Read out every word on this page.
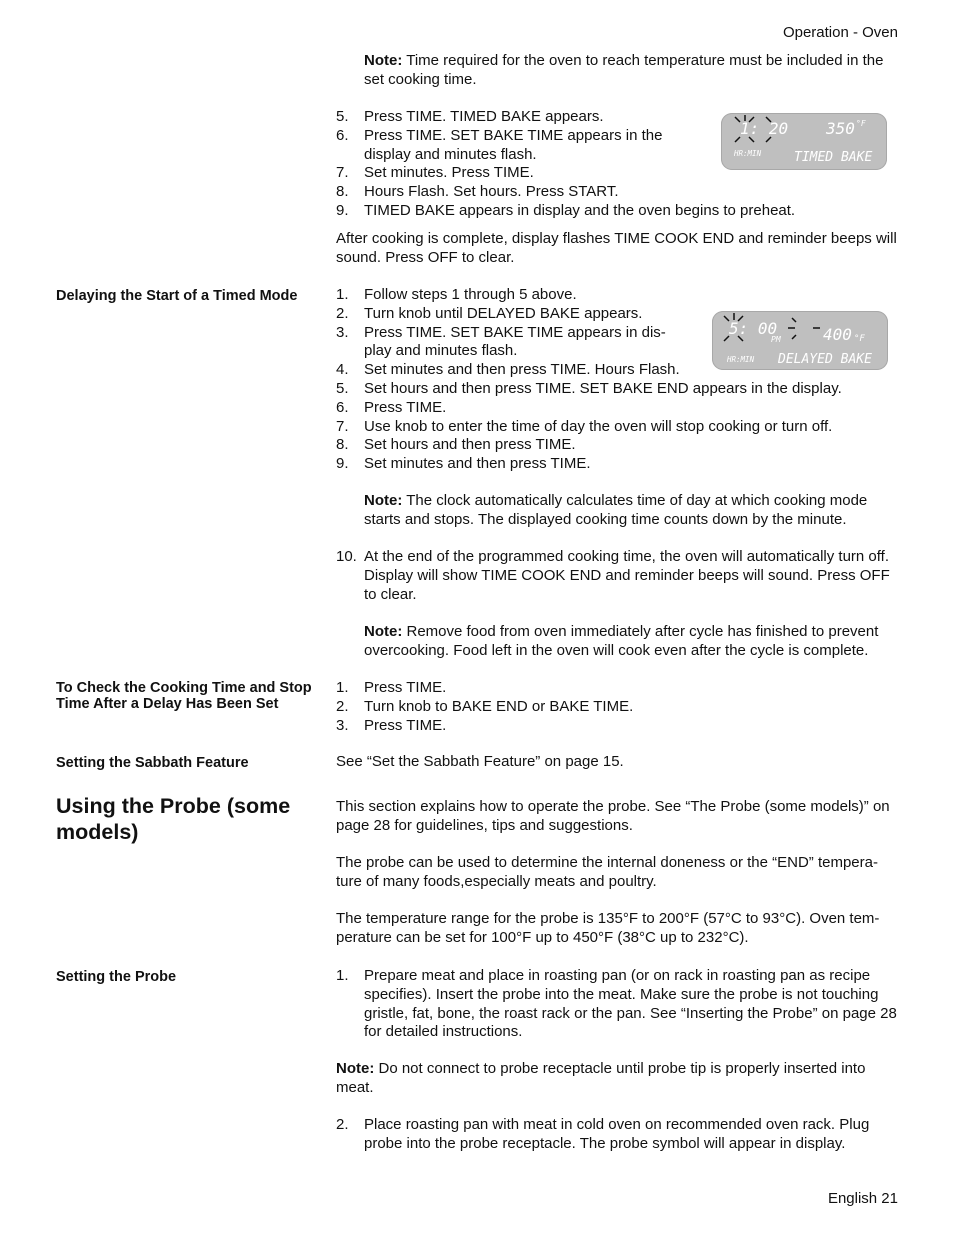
Operation - Oven
English 21

Note: Time required for the oven to reach temperature must be included in the set cooking time.

5. Press TIME. TIMED BAKE appears.
6. Press TIME. SET BAKE TIME appears in the display and minutes flash.
7. Set minutes. Press TIME.
8. Hours Flash. Set hours. Press START.
9. TIMED BAKE appears in display and the oven begins to preheat.
1: 20 350 °F
HR:MIN	TIMED BAKE

After cooking is complete, display flashes TIME COOK END and reminder beeps will sound. Press OFF to clear.

Delaying the Start of a Timed Mode	1. Follow steps 1 through 5 above.
2. Turn knob until DELAYED BAKE appears.
3. Press TIME. SET BAKE TIME appears in dis-play and minutes flash.
4. Set minutes and then press TIME. Hours Flash.
5. Set hours and then press TIME. SET BAKE END appears in the display.
6. Press TIME.
7. Use knob to enter the time of day the oven will stop cooking or turn off.
8. Set hours and then press TIME.
9. Set minutes and then press TIME.
5: 00
PM	400 °F
HR:MIN DELAYED BAKE

Note: The clock automatically calculates time of day at which cooking mode starts and stops. The displayed cooking time counts down by the minute.

10. At the end of the programmed cooking time, the oven will automatically turn off. Display will show TIME COOK END and reminder beeps will sound. Press OFF to clear.

Note: Remove food from oven immediately after cycle has finished to prevent overcooking. Food left in the oven will cook even after the cycle is complete.

To Check the Cooking Time and Stop Time After a Delay Has Been Set
1. Press TIME.
2. Turn knob to BAKE END or BAKE TIME.
3. Press TIME.
Setting the Sabbath Feature	See “Set the Sabbath Feature” on page 15.

Using the Probe (some models)

This section explains how to operate the probe. See “The Probe (some models)” on page 28 for guidelines, tips and suggestions.

The probe can be used to determine the internal doneness or the “END” tempera-ture of many foods,especially meats and poultry.

The temperature range for the probe is 135°F to 200°F (57°C to 93°C). Oven tem-perature can be set for 100°F up to 450°F (38°C up to 232°C).

Setting the Probe	1. Prepare meat and place in roasting pan (or on rack in roasting pan as recipe specifies). Insert the probe into the meat. Make sure the probe is not touching gristle, fat, bone, the roast rack or the pan. See “Inserting the Probe” on page 28 for detailed instructions.

Note: Do not connect to probe receptacle until probe tip is properly inserted into meat.

2. Place roasting pan with meat in cold oven on recommended oven rack. Plug probe into the probe receptacle. The probe symbol will appear in display.
